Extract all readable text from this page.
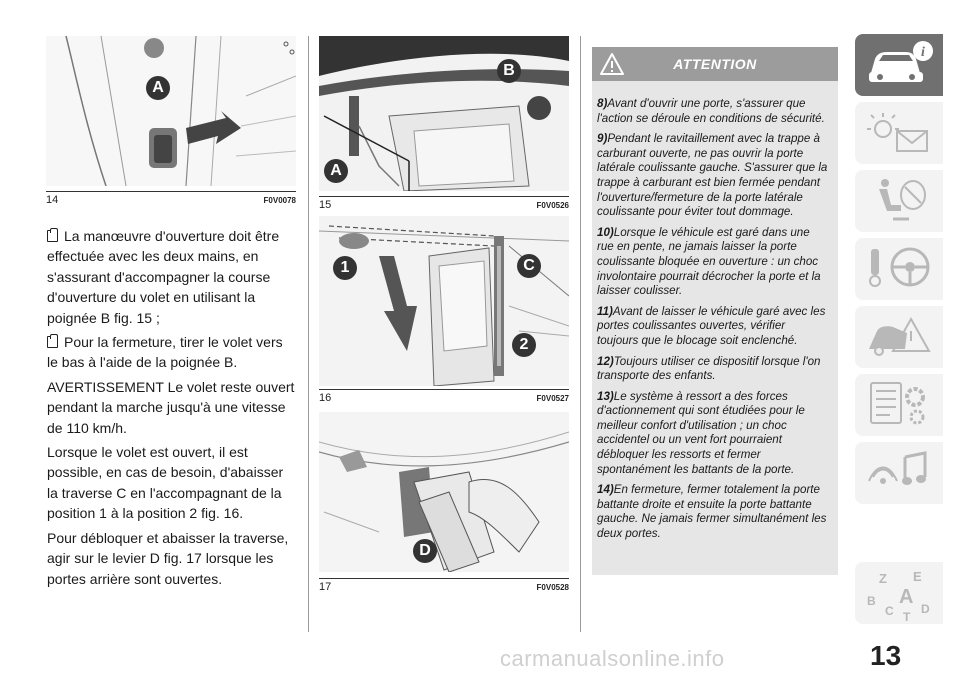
A
14	F0V0078
B
A
15	F0V0526
1	C
2
16	F0V0527
D
17	F0V0528

La manœuvre d'ouverture doit être effectuée avec les deux mains, en s'assurant d'accompagner la course d'ouverture du volet en utilisant la poignée B fig. 15 ;

Pour la fermeture, tirer le volet vers le bas à l'aide de la poignée B.

AVERTISSEMENT Le volet reste ouvert pendant la marche jusqu'à une vitesse de 110 km/h.

Lorsque le volet est ouvert, il est possible, en cas de besoin, d'abaisser la traverse C en l'accompagnant de la position 1 à la position 2 fig. 16.

Pour débloquer et abaisser la traverse, agir sur le levier D fig. 17 lorsque les portes arrière sont ouvertes.

ATTENTION

8)Avant d'ouvrir une porte, s'assurer que l'action se déroule en conditions de sécurité.

9)Pendant le ravitaillement avec la trappe à carburant ouverte, ne pas ouvrir la porte latérale coulissante gauche. S'assurer que la trappe à carburant est bien fermée pendant l'ouverture/fermeture de la porte latérale coulissante pour éviter tout dommage.

10)Lorsque le véhicule est garé dans une rue en pente, ne jamais laisser la porte coulissante bloquée en ouverture : un choc involontaire pourrait décrocher la porte et la laisser coulisser.

11)Avant de laisser le véhicule garé avec les portes coulissantes ouvertes, vérifier toujours que le blocage soit enclenché.

12)Toujours utiliser ce dispositif lorsque l'on transporte des enfants.

13)Le système à ressort a des forces d'actionnement qui sont étudiées pour le meilleur confort d'utilisation ; un choc accidentel ou un vent fort pourraient débloquer les ressorts et fermer spontanément les battants de la porte.

14)En fermeture, fermer totalement la porte battante droite et ensuite la porte battante gauche. Ne jamais fermer simultanément les deux portes.

i
Z E
B A
C T
D
carmanualsonline.info	13
